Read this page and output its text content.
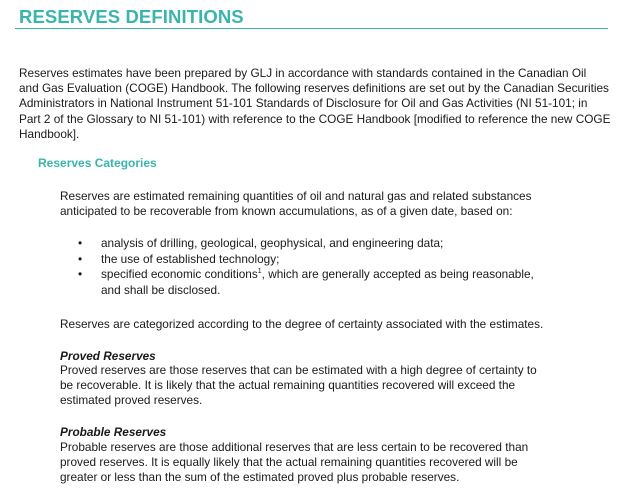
RESERVES DEFINITIONS
Reserves estimates have been prepared by GLJ in accordance with standards contained in the Canadian Oil
and Gas Evaluation (COGE) Handbook. The following reserves definitions are set out by the Canadian Securities
Administrators in National Instrument 51-101 Standards of Disclosure for Oil and Gas Activities (NI 51-101; in
Part 2 of the Glossary to NI 51-101) with reference to the COGE Handbook [modified to reference the new COGE
Handbook].
Reserves Categories
Reserves are estimated remaining quantities of oil and natural gas and related substances
anticipated to be recoverable from known accumulations, as of a given date, based on:
• analysis of drilling, geological, geophysical, and engineering data;
• the use of established technology;
• specified economic conditions$^1$, which are generally accepted as being reasonable,
and shall be disclosed.
Reserves are categorized according to the degree of certainty associated with the estimates.
Proved Reserves
Proved reserves are those reserves that can be estimated with a high degree of certainty to
be recoverable. It is likely that the actual remaining quantities recovered will exceed the
estimated proved reserves.
Probable Reserves
Probable reserves are those additional reserves that are less certain to be recovered than
proved reserves. It is equally likely that the actual remaining quantities recovered will be
greater or less than the sum of the estimated proved plus probable reserves.
